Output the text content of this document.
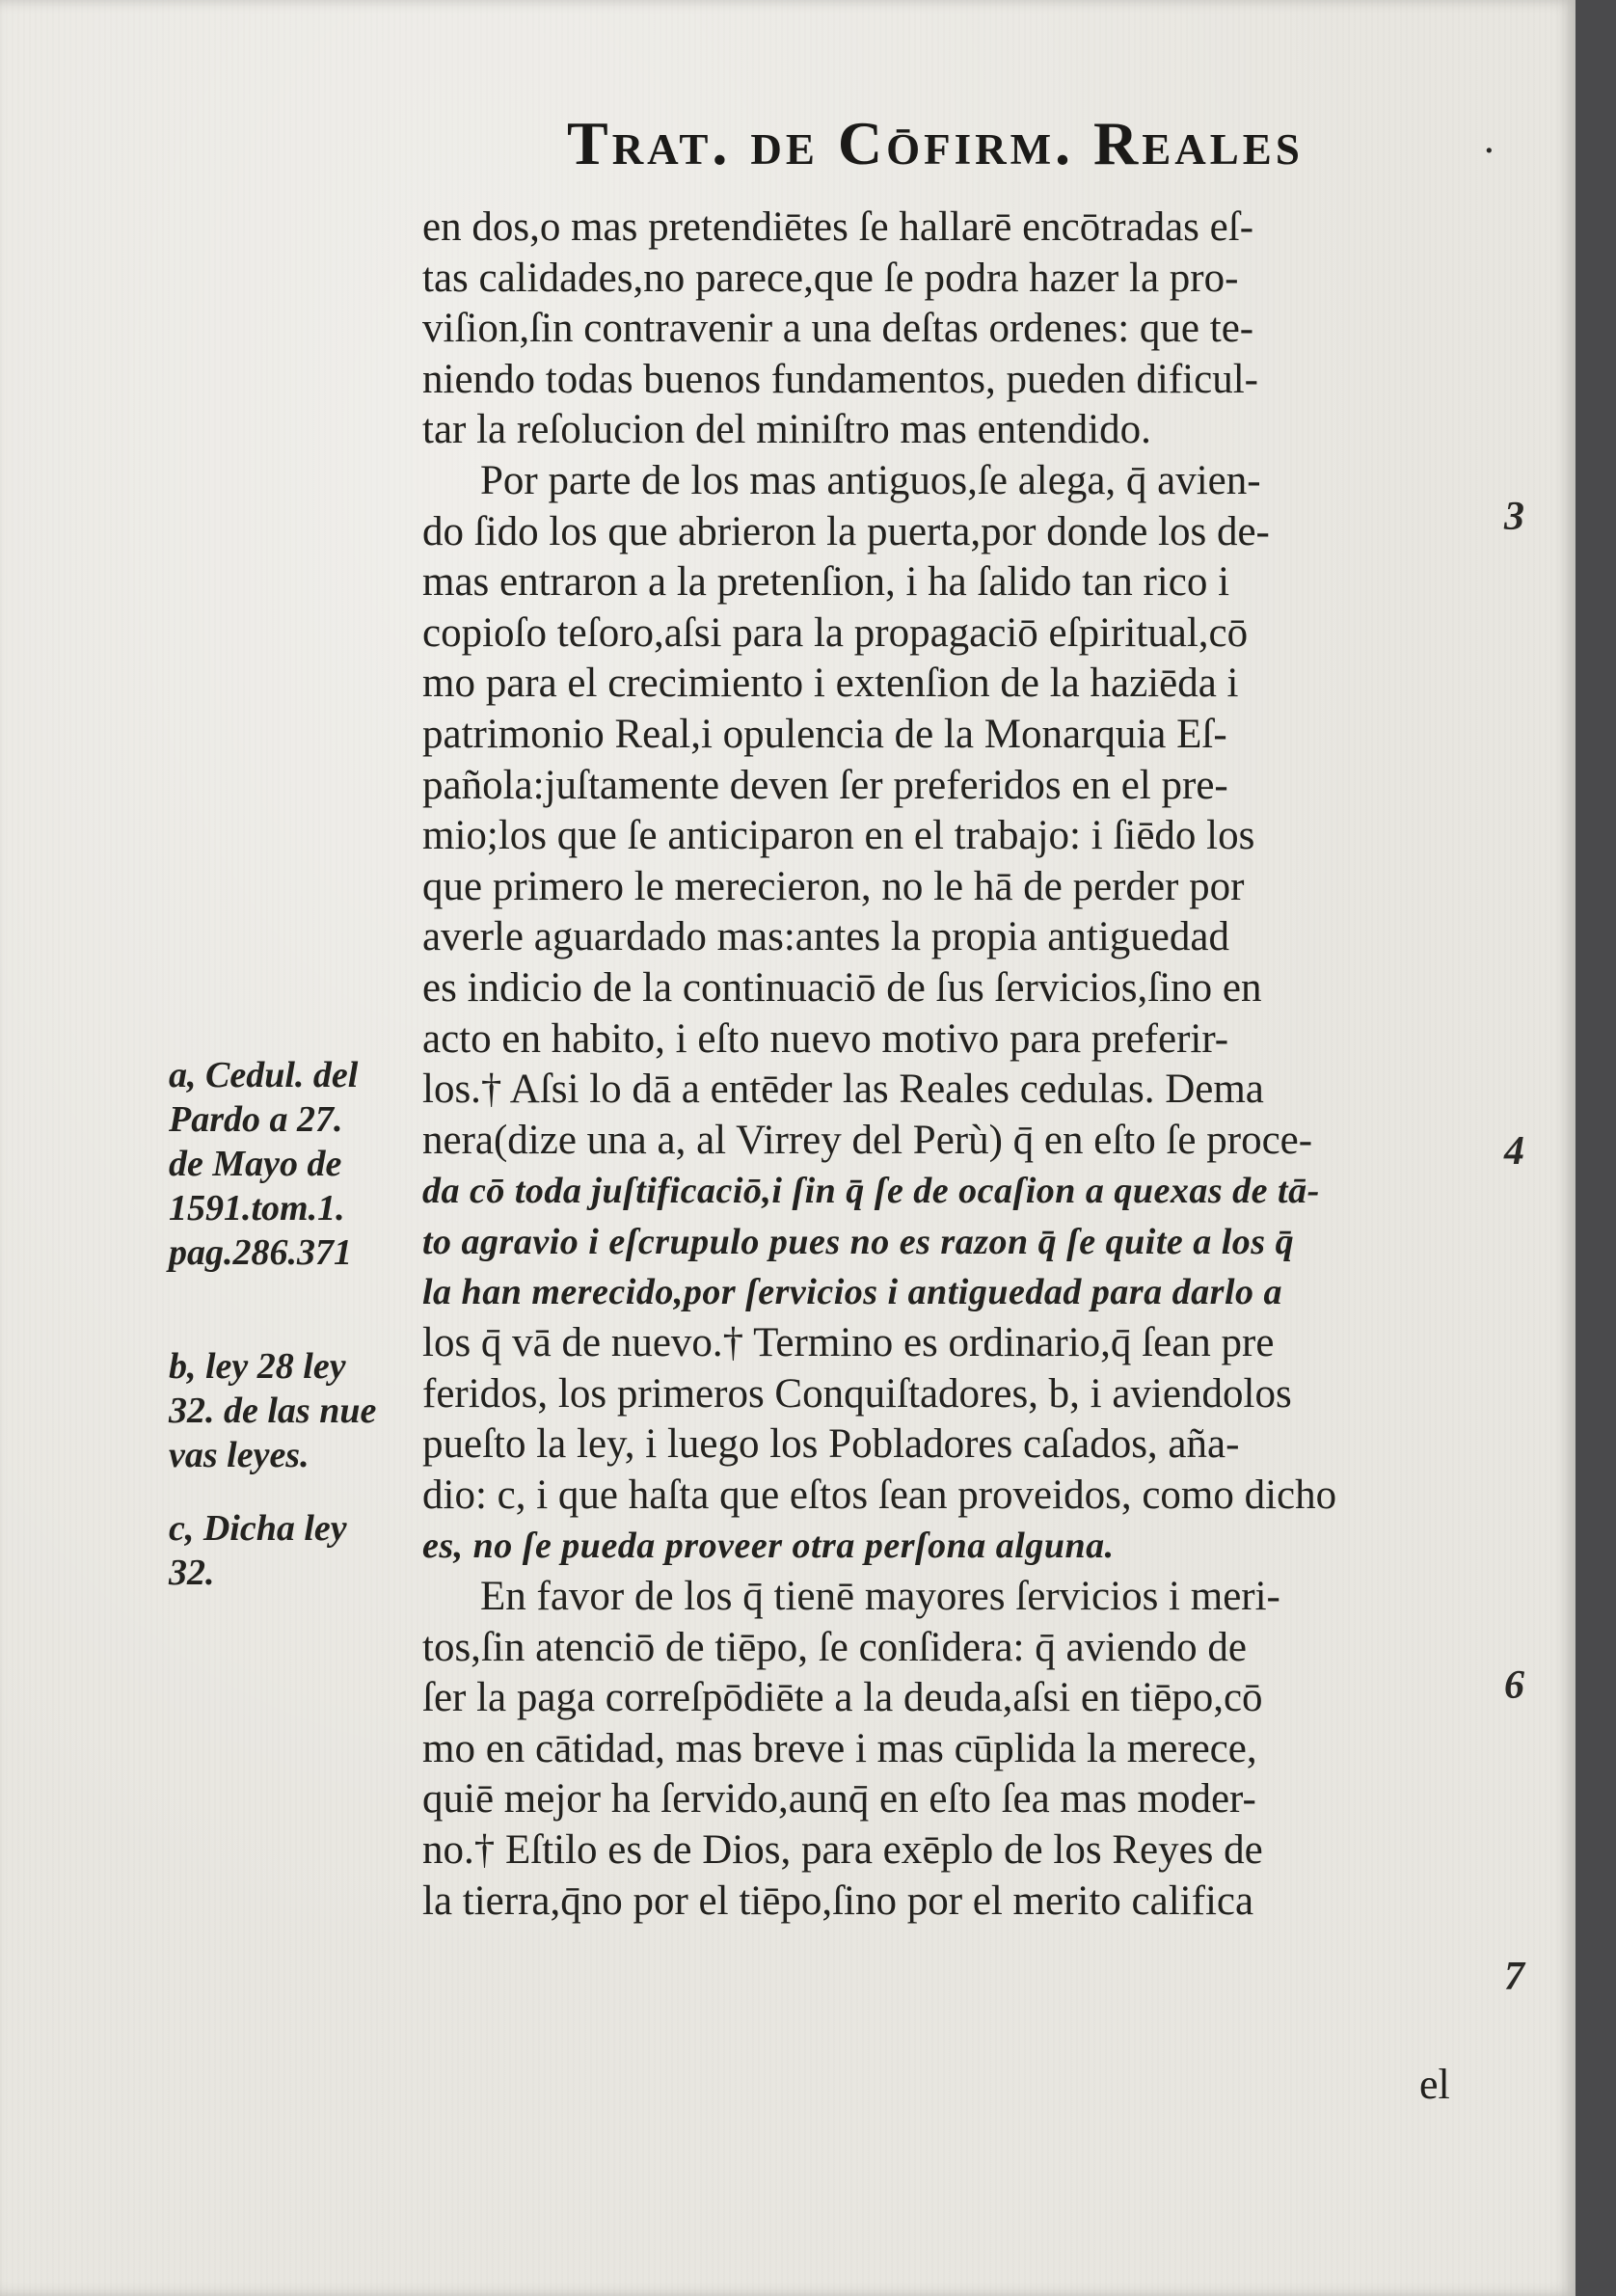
Trat. de Cōfirm. Reales	·
en dos,o mas pretendiētes ſe hallarē encōtradas eſ-
tas calidades,no parece,que ſe podra hazer la pro-
viſion,ſin contravenir a una deſtas ordenes: que te-
niendo todas buenos fundamentos, pueden dificul-
tar la reſolucion del miniſtro mas entendido.
Por parte de los mas antiguos,ſe alega, q̄ avien-
do ſido los que abrieron la puerta,por donde los de-
mas entraron a la pretenſion, i ha ſalido tan rico i
copioſo teſoro,aſsi para la propagaciō eſpiritual,cō
mo para el crecimiento i extenſion de la haziēda i
patrimonio Real,i opulencia de la Monarquia Eſ-
pañola:juſtamente deven ſer preferidos en el pre-
mio;los que ſe anticiparon en el trabajo: i ſiēdo los
que primero le merecieron, no le hā de perder por
averle aguardado mas:antes la propia antiguedad
es indicio de la continuaciō de ſus ſervicios,ſino en
acto en habito, i eſto nuevo motivo para preferir-
los.† Aſsi lo dā a entēder las Reales cedulas. Dema
nera(dize una a, al Virrey del Perù) q̄ en eſto ſe proce-
da cō toda juſtificaciō,i ſin q̄ ſe de ocaſion a quexas de tā-
to agravio i eſcrupulo pues no es razon q̄ ſe quite a los q̄
la han merecido,por ſervicios i antiguedad para darlo a
los q̄ vā de nuevo.† Termino es ordinario,q̄ ſean pre
feridos, los primeros Conquiſtadores, b, i aviendolos
pueſto la ley, i luego los Pobladores caſados, aña-
dio: c, i que haſta que eſtos ſean proveidos, como dicho
es, no ſe pueda proveer otra perſona alguna.
En favor de los q̄ tienē mayores ſervicios i meri-
tos,ſin atenciō de tiēpo, ſe conſidera: q̄ aviendo de
ſer la paga correſpōdiēte a la deuda,aſsi en tiēpo,cō
mo en cātidad, mas breve i mas cūplida la merece,
quiē mejor ha ſervido,aunq̄ en eſto ſea mas moder-
no.† Eſtilo es de Dios, para exēplo de los Reyes de
la tierra,q̄no por el tiēpo,ſino por el merito califica
a, Cedul. del
Pardo a 27.
de Mayo de
1591.tom.1.
pag.286.371
b, ley 28 ley
32. de las nue
vas leyes.
c, Dicha ley
32.
3
4
6
7
el
